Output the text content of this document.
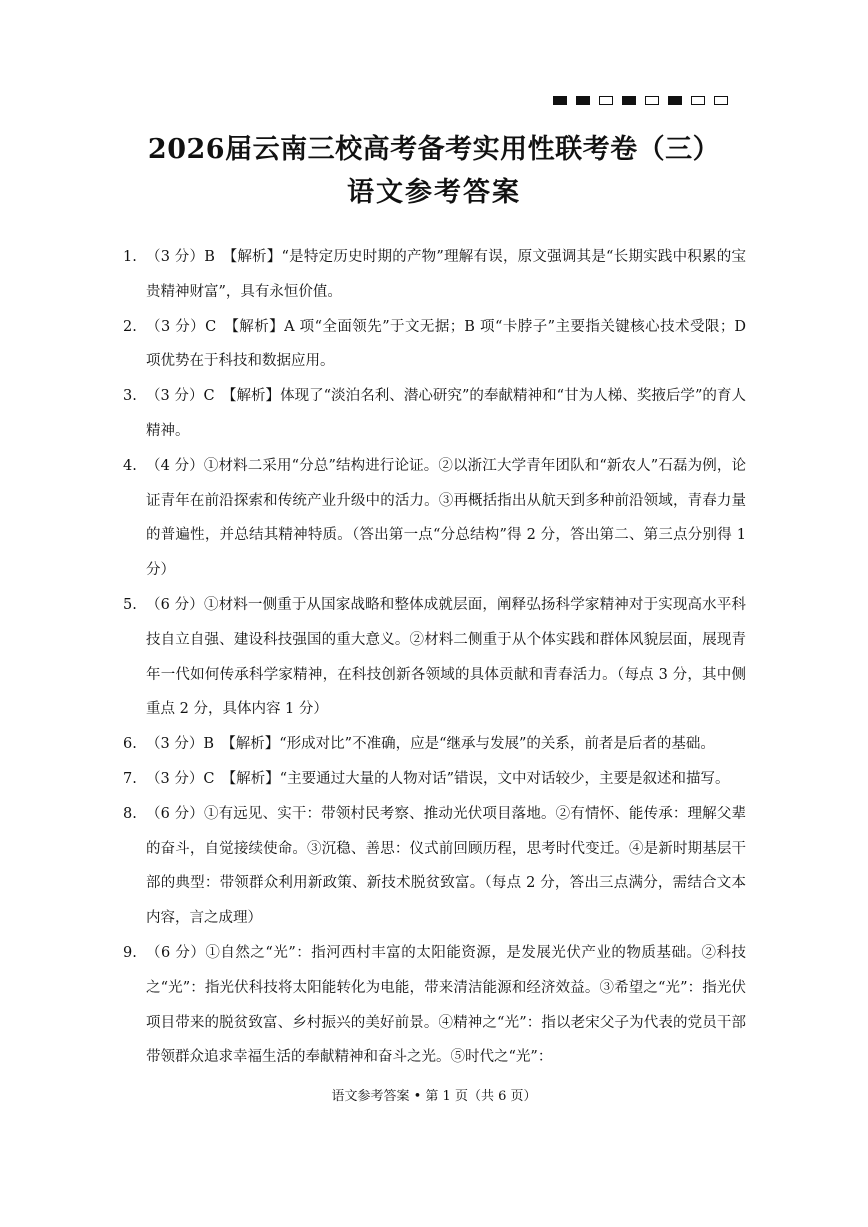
2026届云南三校高考备考实用性联考卷（三）
语文参考答案
1. （3 分）B　【解析】“是特定历史时期的产物”理解有误，原文强调其是“长期实践中积累的宝贵精神财富”，具有永恒价值。
2. （3 分）C　【解析】A 项“全面领先”于文无据；B 项“卡脖子”主要指关键核心技术受限；D 项优势在于科技和数据应用。
3. （3 分）C　【解析】体现了“淡泊名利、潜心研究”的奉献精神和“甘为人梯、奖掖后学”的育人精神。
4. （4 分）①材料二采用“分总”结构进行论证。②以浙江大学青年团队和“新农人”石磊为例，论证青年在前沿探索和传统产业升级中的活力。③再概括指出从航天到多种前沿领域，青春力量的普遍性，并总结其精神特质。（答出第一点“分总结构”得 2 分，答出第二、第三点分别得 1 分）
5. （6 分）①材料一侧重于从国家战略和整体成就层面，阐释弘扬科学家精神对于实现高水平科技自立自强、建设科技强国的重大意义。②材料二侧重于从个体实践和群体风貌层面，展现青年一代如何传承科学家精神，在科技创新各领域的具体贡献和青春活力。（每点 3 分，其中侧重点 2 分，具体内容 1 分）
6. （3 分）B　【解析】“形成对比”不准确，应是“继承与发展”的关系，前者是后者的基础。
7. （3 分）C　【解析】“主要通过大量的人物对话”错误，文中对话较少，主要是叙述和描写。
8. （6 分）①有远见、实干：带领村民考察、推动光伏项目落地。②有情怀、能传承：理解父辈的奋斗，自觉接续使命。③沉稳、善思：仪式前回顾历程，思考时代变迁。④是新时期基层干部的典型：带领群众利用新政策、新技术脱贫致富。（每点 2 分，答出三点满分，需结合文本内容，言之成理）
9. （6 分）①自然之“光”：指河西村丰富的太阳能资源，是发展光伏产业的物质基础。②科技之“光”：指光伏科技将太阳能转化为电能，带来清洁能源和经济效益。③希望之“光”：指光伏项目带来的脱贫致富、乡村振兴的美好前景。④精神之“光”：指以老宋父子为代表的党员干部带领群众追求幸福生活的奉献精神和奋斗之光。⑤时代之“光”：
语文参考答案 • 第 1 页（共 6 页）
